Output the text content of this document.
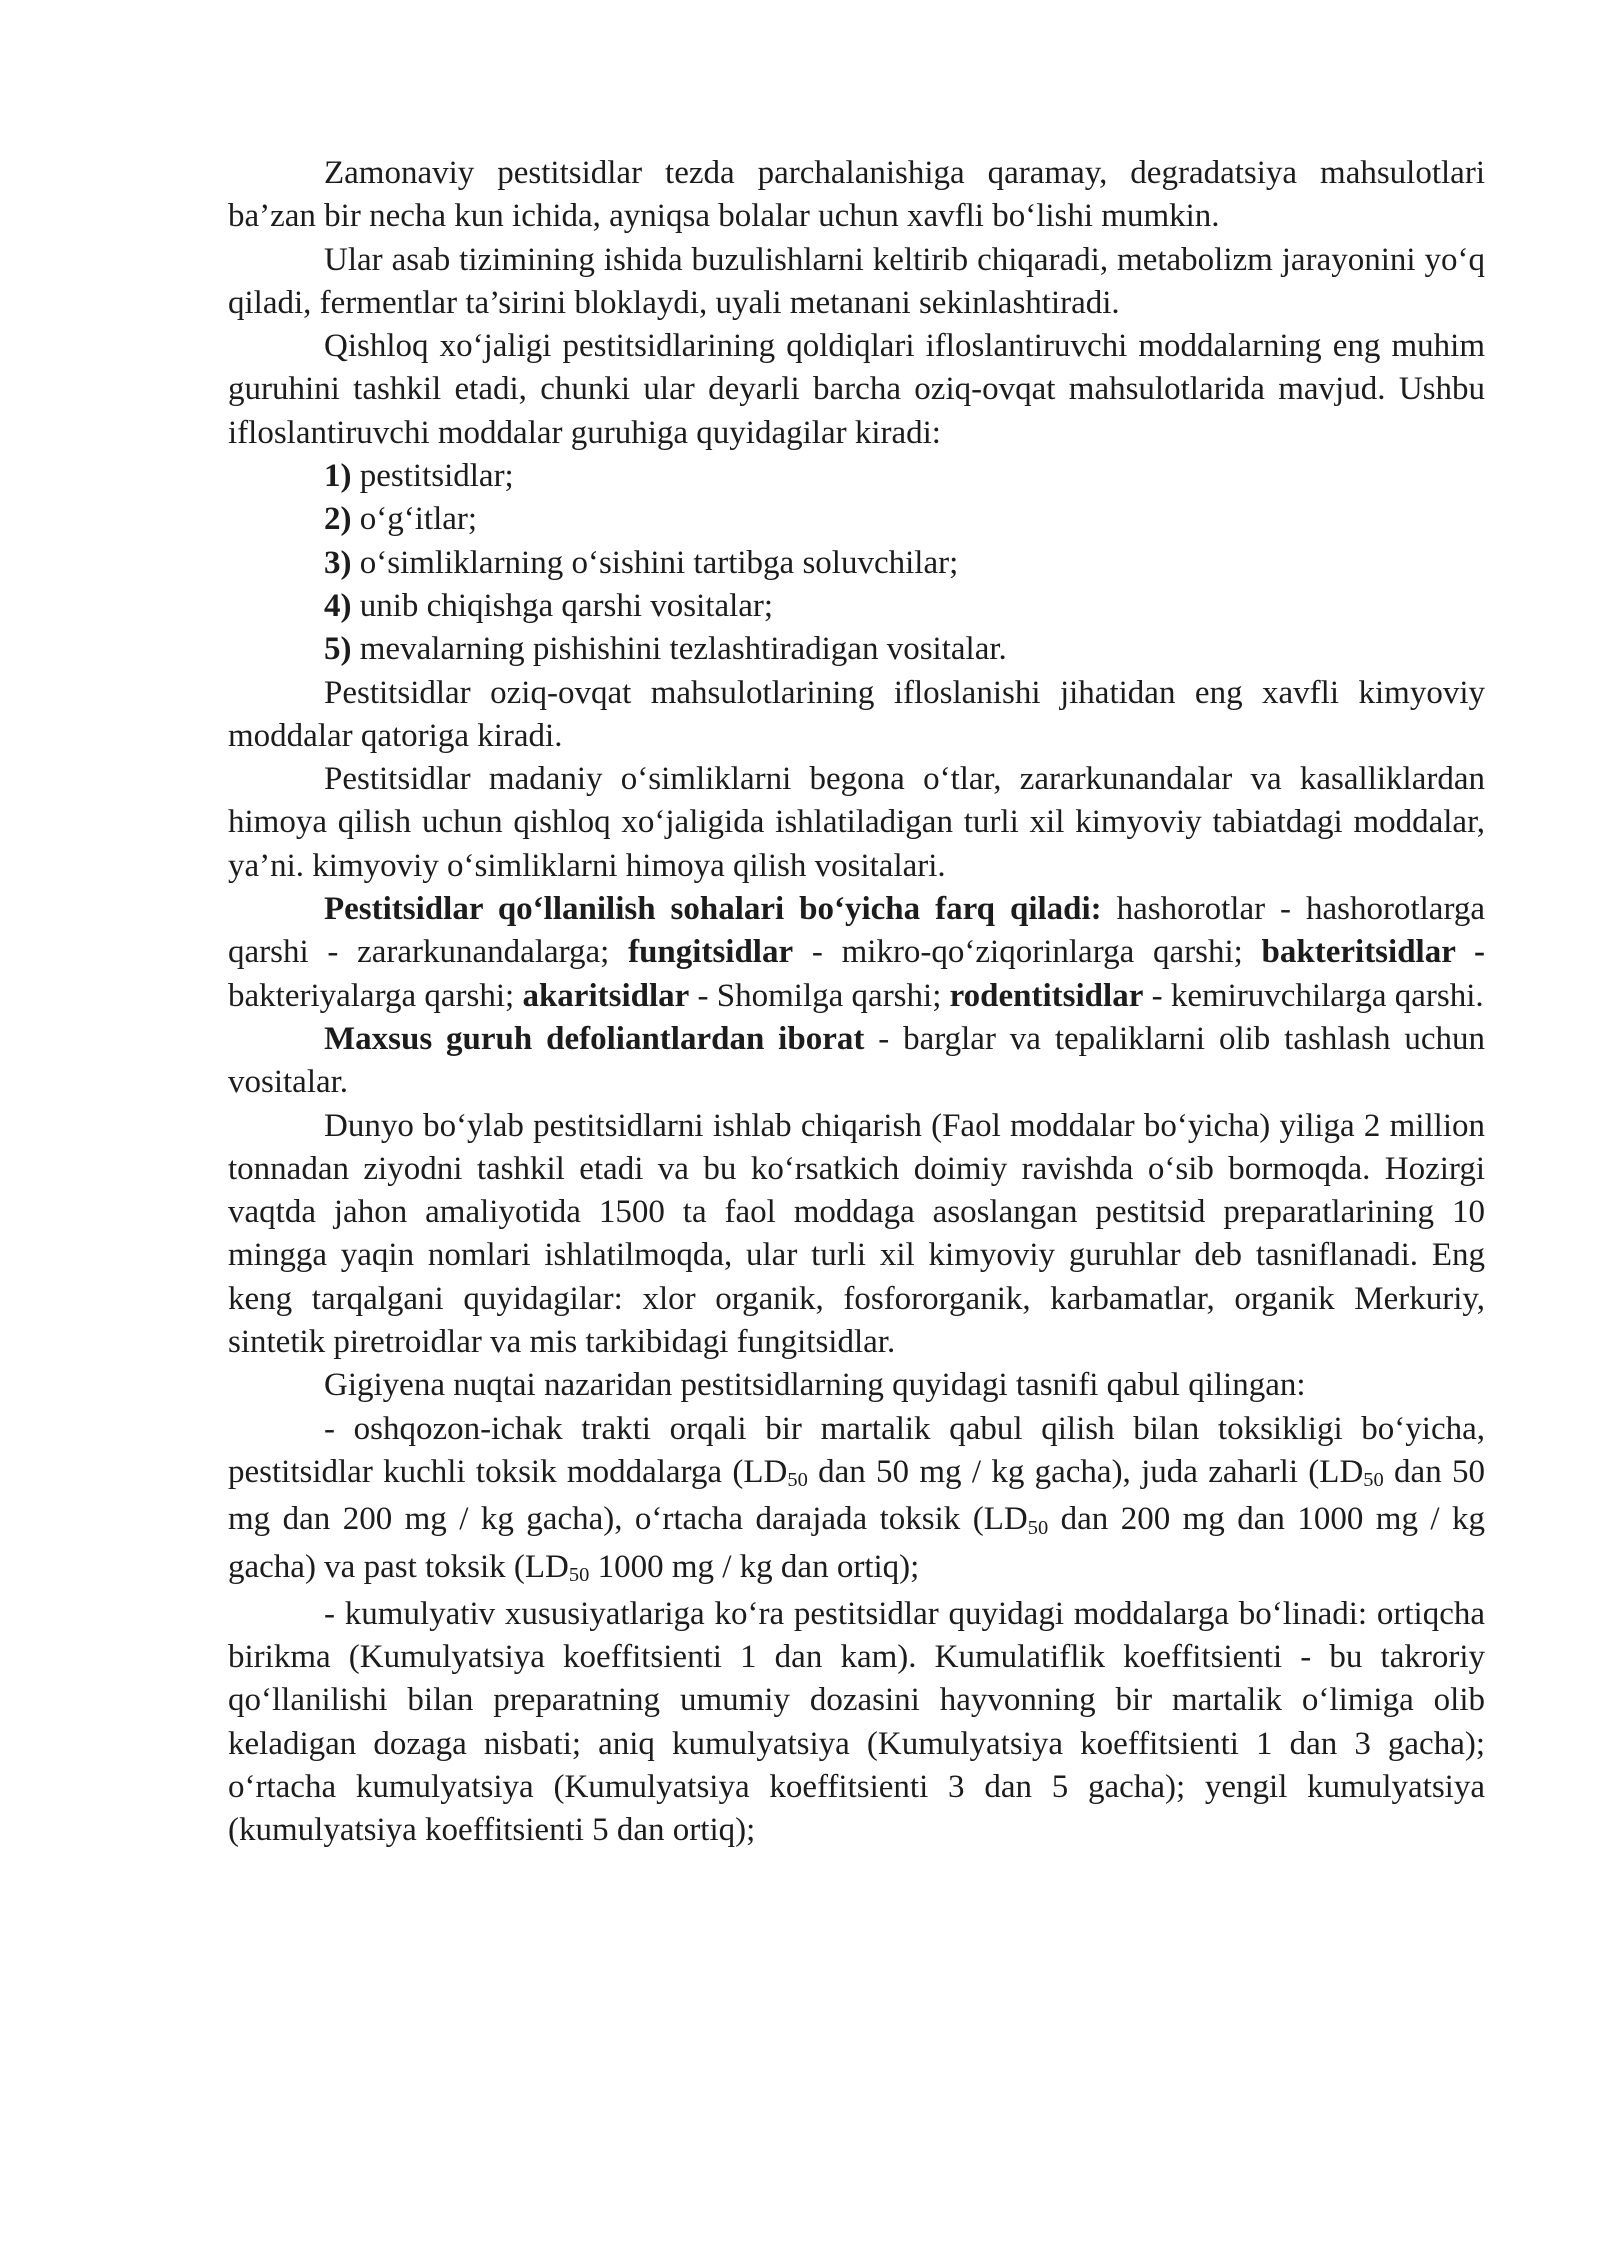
Zamonaviy pestitsidlar tezda parchalanishiga qaramay, degradatsiya mahsulotlari ba’zan bir necha kun ichida, ayniqsa bolalar uchun xavfli bo‘lishi mumkin.

Ular asab tizimining ishida buzulishlarni keltirib chiqaradi, metabolizm jarayonini yo‘q qiladi, fermentlar ta’sirini bloklaydi, uyali metanani sekinlashtiradi.

Qishloq xo‘jaligi pestitsidlarining qoldiqlari ifloslantiruvchi moddalarning eng muhim guruhini tashkil etadi, chunki ular deyarli barcha oziq-ovqat mahsulotlarida mavjud. Ushbu ifloslantiruvchi moddalar guruhiga quyidagilar kiradi:

1) pestitsidlar;

2) o‘g‘itlar;

3) o‘simliklarning o‘sishini tartibga soluvchilar;

4) unib chiqishga qarshi vositalar;

5) mevalarning pishishini tezlashtiradigan vositalar.

Pestitsidlar oziq-ovqat mahsulotlarining ifloslanishi jihatidan eng xavfli kimyoviy moddalar qatoriga kiradi.

Pestitsidlar madaniy o‘simliklarni begona o‘tlar, zararkunandalar va kasalliklardan himoya qilish uchun qishloq xo‘jaligida ishlatiladigan turli xil kimyoviy tabiatdagi moddalar, ya’ni. kimyoviy o‘simliklarni himoya qilish vositalari.

Pestitsidlar qo‘llanilish sohalari bo‘yicha farq qiladi: hashorotlar - hashorotlarga qarshi - zararkunandalarga; fungitsidlar - mikro-qo‘ziqorinlarga qarshi; bakteritsidlar - bakteriyalarga qarshi; akaritsidlar - Shomilga qarshi; rodentitsidlar - kemiruvchilarga qarshi.

Maxsus guruh defoliantlardan iborat - barglar va tepaliklarni olib tashlash uchun vositalar.

Dunyo bo‘ylab pestitsidlarni ishlab chiqarish (Faol moddalar bo‘yicha) yiliga 2 million tonnadan ziyodni tashkil etadi va bu ko‘rsatkich doimiy ravishda o‘sib bormoqda. Hozirgi vaqtda jahon amaliyotida 1500 ta faol moddaga asoslangan pestitsid preparatlarining 10 mingga yaqin nomlari ishlatilmoqda, ular turli xil kimyoviy guruhlar deb tasniflanadi. Eng keng tarqalgani quyidagilar: xlor organik, fosfororganik, karbamatlar, organik Merkuriy, sintetik piretroidlar va mis tarkibidagi fungitsidlar.

Gigiyena nuqtai nazaridan pestitsidlarning quyidagi tasnifi qabul qilingan:

- oshqozon-ichak trakti orqali bir martalik qabul qilish bilan toksikligi bo‘yicha, pestitsidlar kuchli toksik moddalarga ($LD_{50}$ dan 50 mg / kg gacha), juda zaharli ($LD_{50}$ dan 50 mg dan 200 mg / kg gacha), o‘rtacha darajada toksik ($LD_{50}$ dan 200 mg dan 1000 mg / kg gacha) va past toksik ($LD_{50}$ 1000 mg / kg dan ortiq);

- kumulyativ xususiyatlariga ko‘ra pestitsidlar quyidagi moddalarga bo‘linadi: ortiqcha birikma (Kumulyatsiya koeffitsienti 1 dan kam). Kumulatiflik koeffitsienti - bu takroriy qo‘llanilishi bilan preparatning umumiy dozasini hayvonning bir martalik o‘limiga olib keladigan dozaga nisbati; aniq kumulyatsiya (Kumulyatsiya koeffitsienti 1 dan 3 gacha); o‘rtacha kumulyatsiya (Kumulyatsiya koeffitsienti 3 dan 5 gacha); yengil kumulyatsiya (kumulyatsiya koeffitsienti 5 dan ortiq);
